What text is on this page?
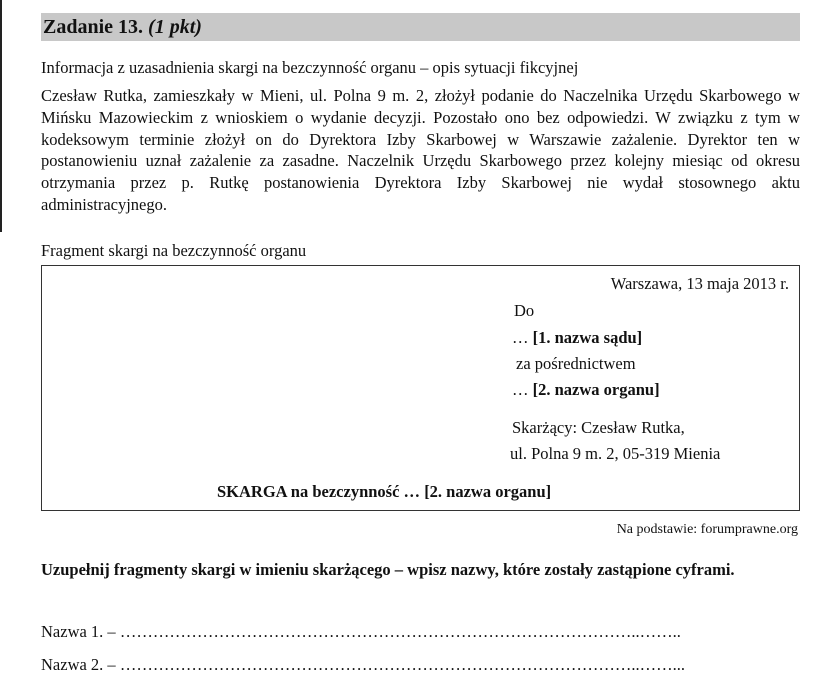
Zadanie 13. (1 pkt)
Informacja z uzasadnienia skargi na bezczynność organu – opis sytuacji fikcyjnej
Czesław Rutka, zamieszkały w Mieni, ul. Polna 9 m. 2, złożył podanie do Naczelnika Urzędu Skarbowego w Mińsku Mazowieckim z wnioskiem o wydanie decyzji. Pozostało ono bez odpowiedzi. W związku z tym w kodeksowym terminie złożył on do Dyrektora Izby Skarbowej w Warszawie zażalenie. Dyrektor ten w postanowieniu uznał zażalenie za zasadne. Naczelnik Urzędu Skarbowego przez kolejny miesiąc od okresu otrzymania przez p. Rutkę postanowienia Dyrektora Izby Skarbowej nie wydał stosownego aktu administracyjnego.
Fragment skargi na bezczynność organu
Warszawa, 13 maja 2013 r.
Do
… [1. nazwa sądu]
za pośrednictwem
… [2. nazwa organu]
Skarżący: Czesław Rutka,
ul. Polna 9 m. 2, 05-319 Mienia
SKARGA na bezczynność … [2. nazwa organu]
Na podstawie: forumprawne.org
Uzupełnij fragmenty skargi w imieniu skarżącego – wpisz nazwy, które zostały zastąpione cyframi.
Nazwa 1. – …………………………………………………………………………………..……..
Nazwa 2. – …………………………………………………………………………………..……...
